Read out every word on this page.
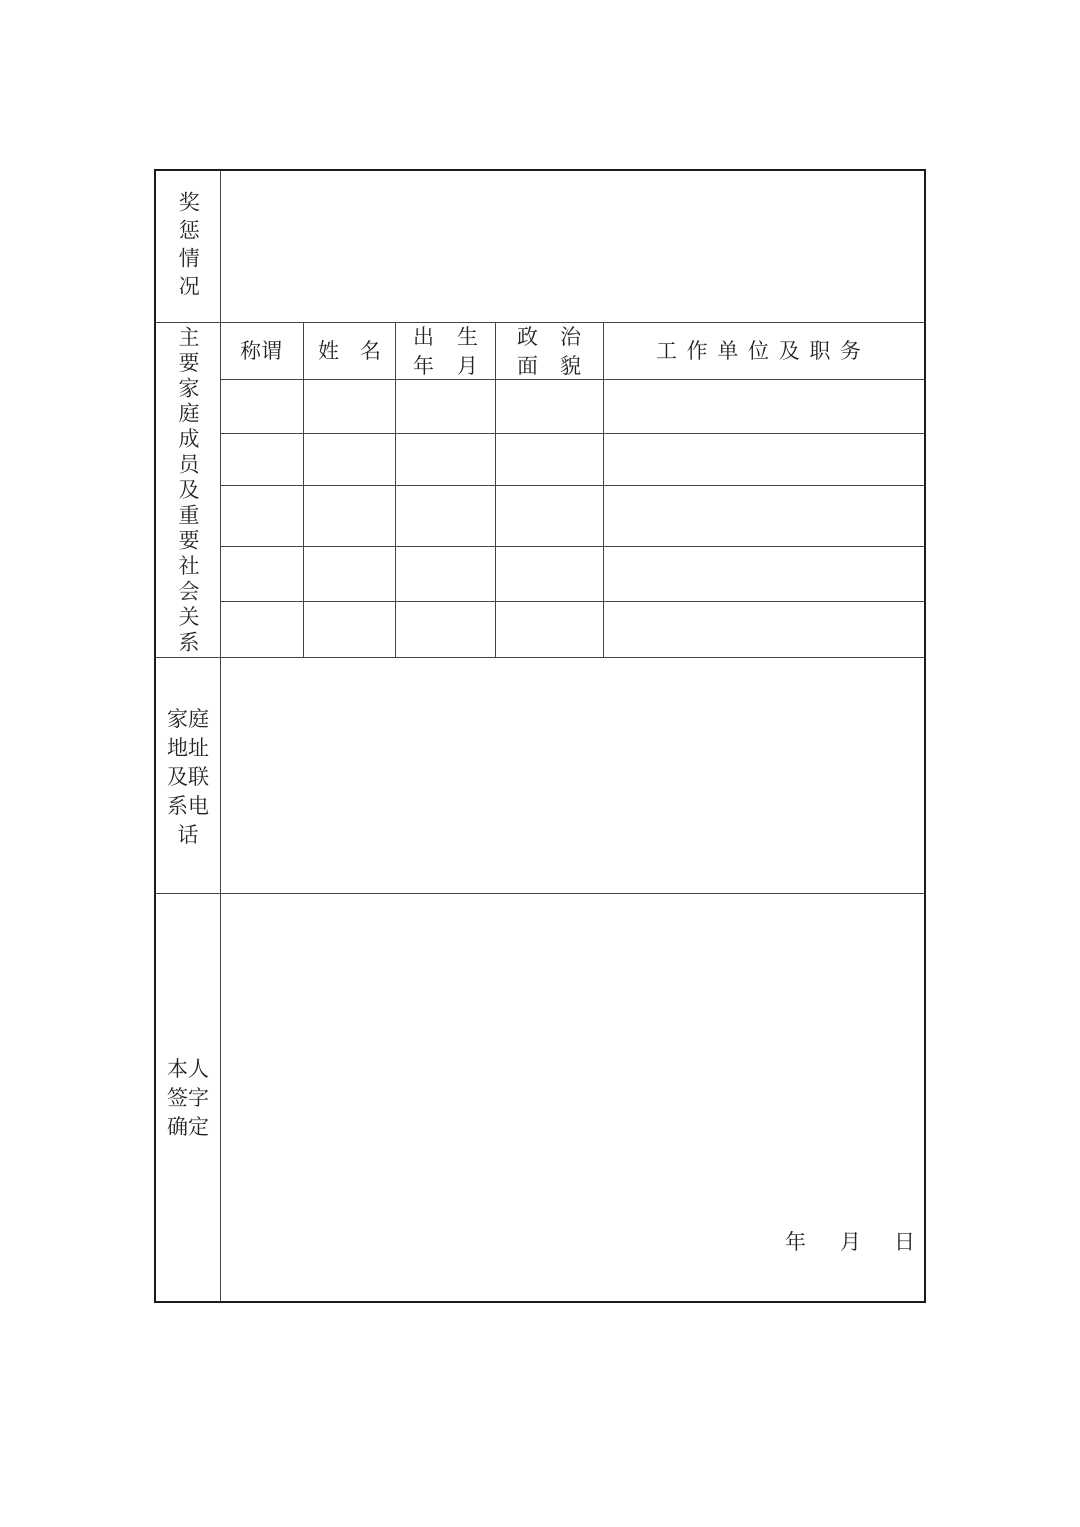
奖惩情况
主要家庭成员及重要社会关系 称谓 姓 名
出 生
年 月
政 治
面 貌
工 作 单 位 及 职 务
家庭
地址
及联
系电
话
本人
签字
确定
年 月 日
